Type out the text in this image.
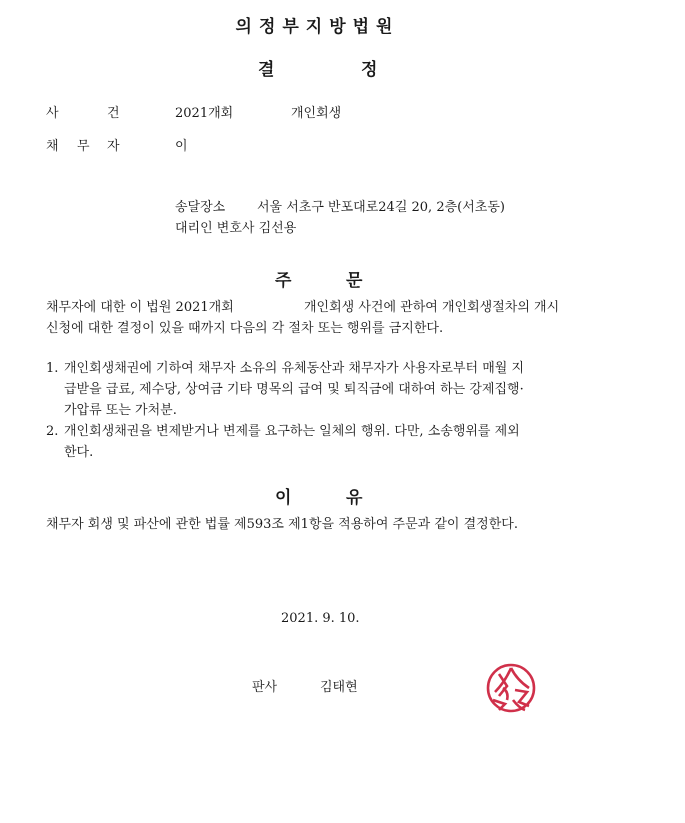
의정부지방법원
결	정
사	건	2021개회	개인회생
채 무 자	이
송달장소 서울 서초구 반포대로24길 20, 2층(서초동)
대리인 변호사 김선용
주	문
채무자에 대한 이 법원 2021개회	개인회생 사건에 관하여 개인회생절차의 개시
신청에 대한 결정이 있을 때까지 다음의 각 절차 또는 행위를 금지한다.
1. 개인회생채권에 기하여 채무자 소유의 유체동산과 채무자가 사용자로부터 매월 지
급받을 급료, 제수당, 상여금 기타 명목의 급여 및 퇴직금에 대하여 하는 강제집행·
가압류 또는 가처분.
2. 개인회생채권을 변제받거나 변제를 요구하는 일체의 행위. 다만, 소송행위를 제외
한다.
이	유
채무자 회생 및 파산에 관한 법률 제593조 제1항을 적용하여 주문과 같이 결정한다.
2021. 9. 10.
판사	김태현
